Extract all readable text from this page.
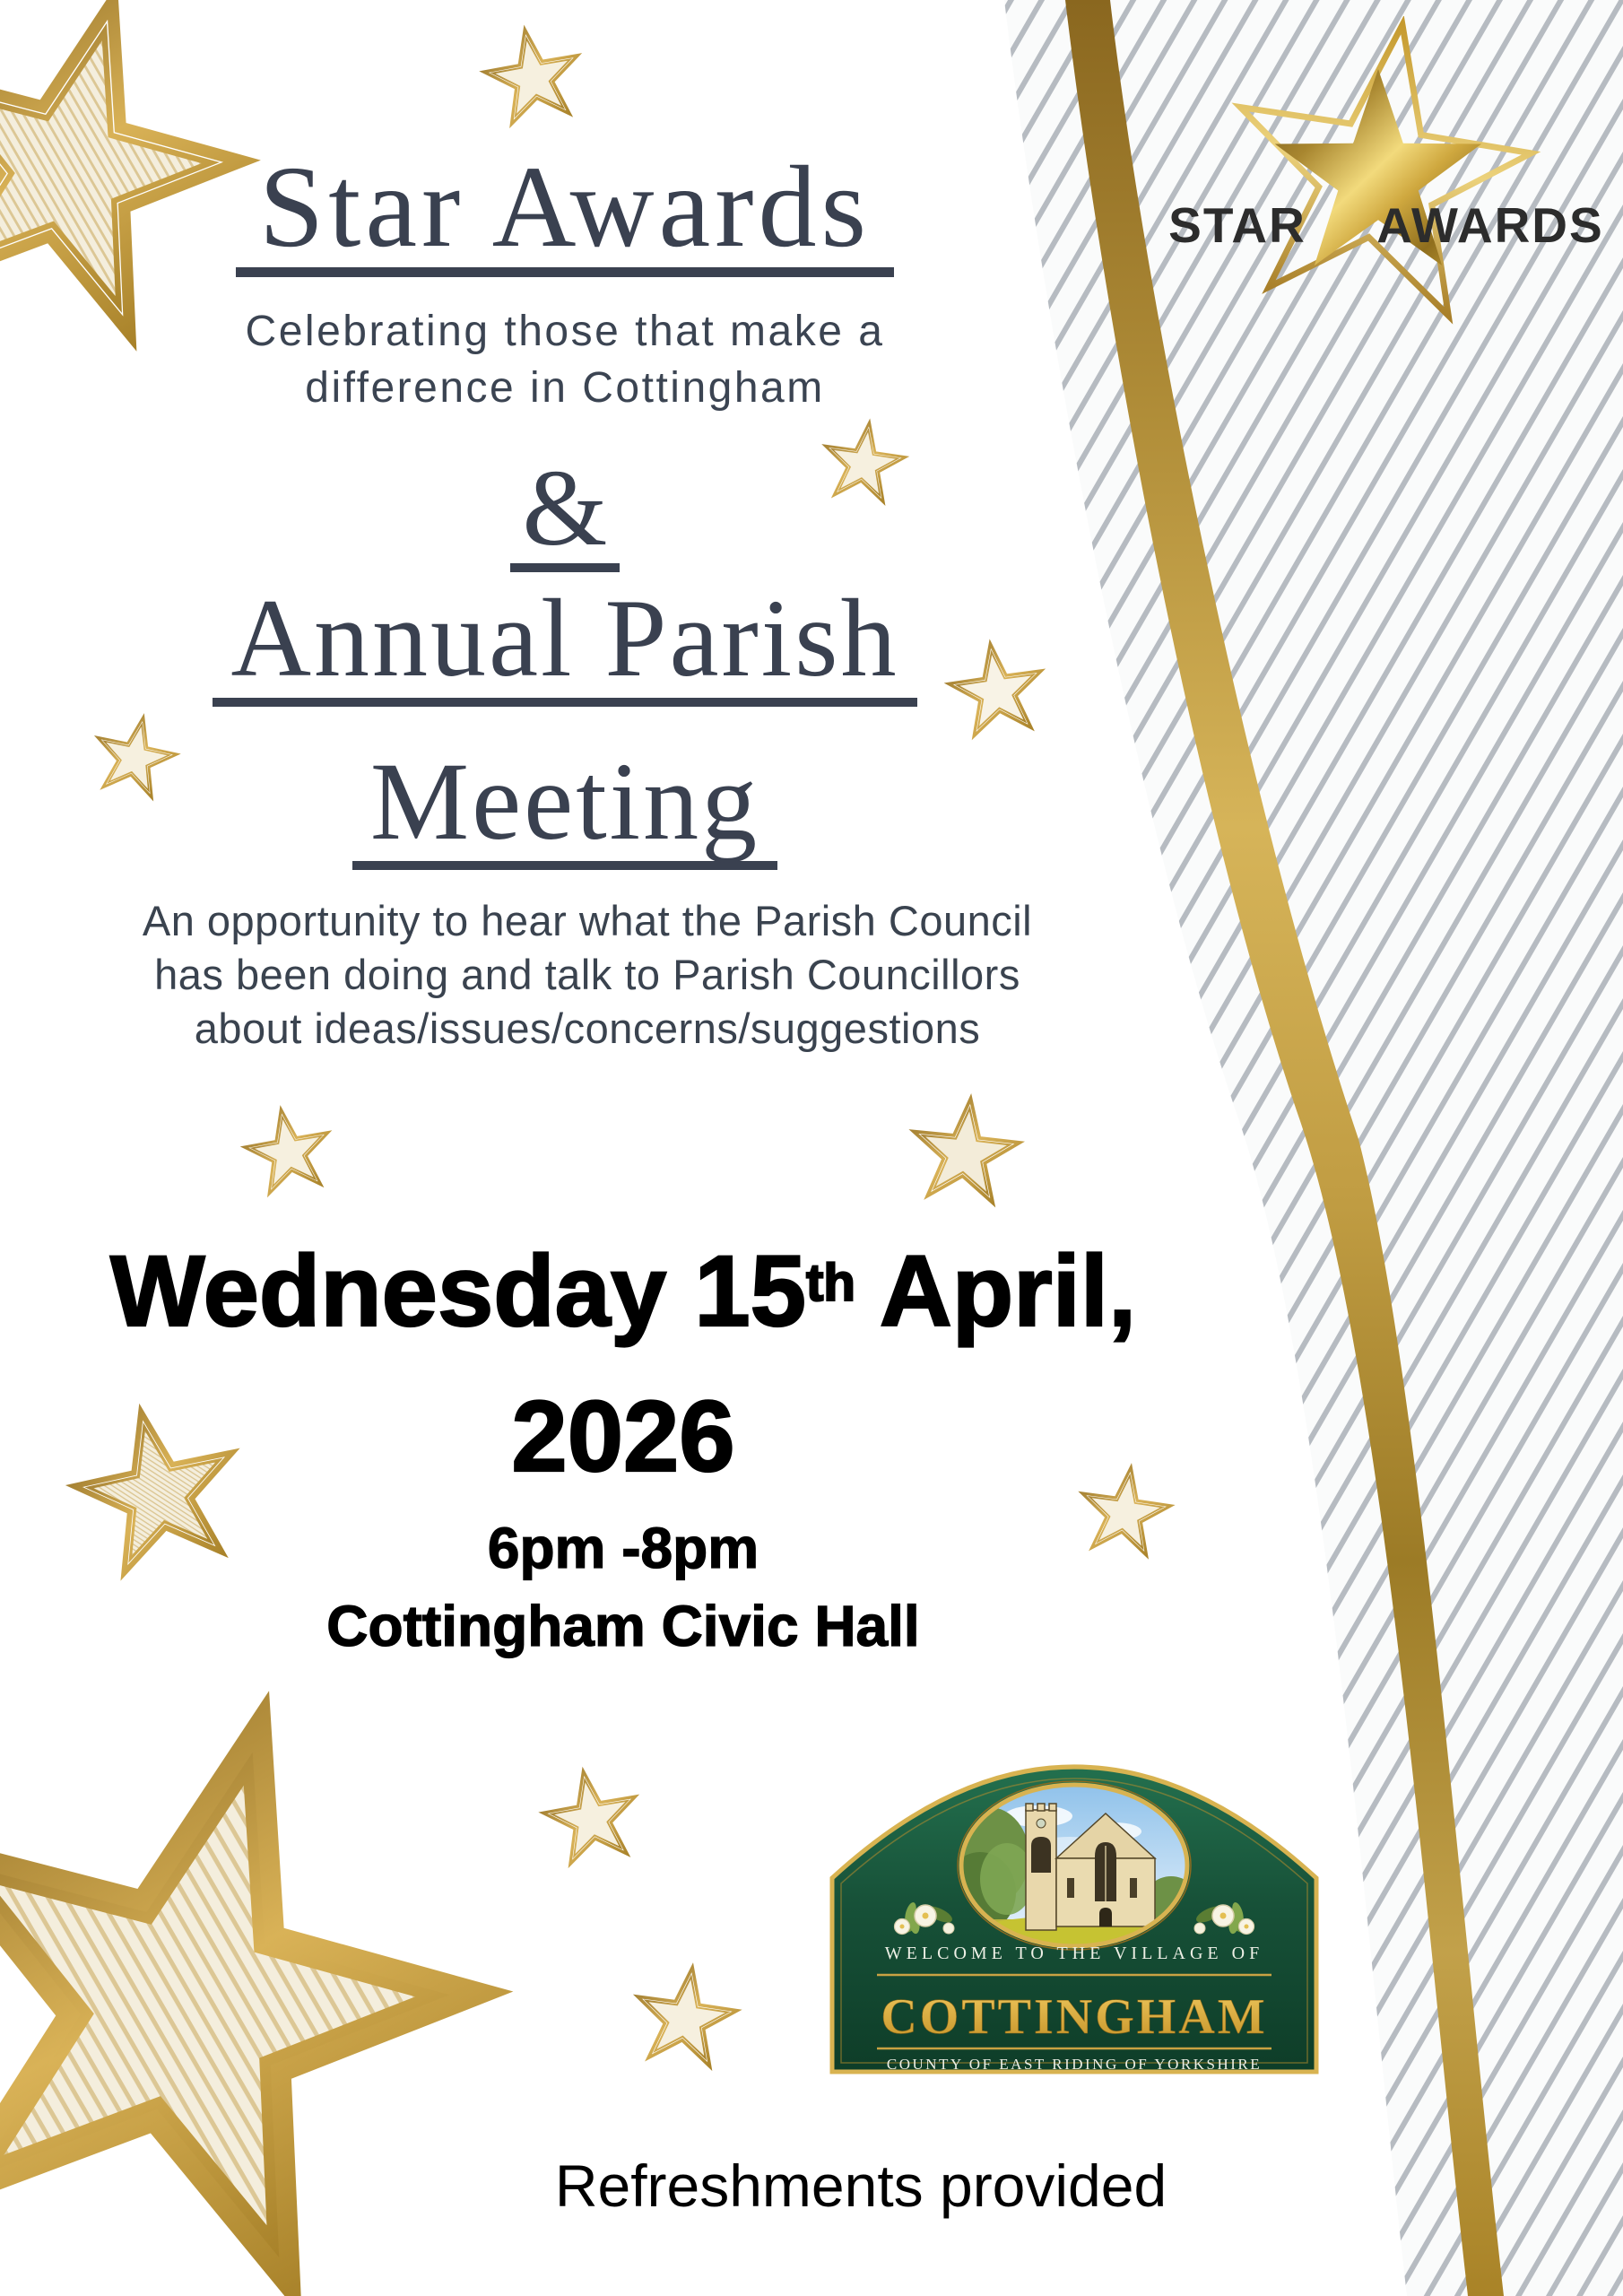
STAR AWARDS
Star Awards
Celebrating those that make a
difference in Cottingham
&
Annual Parish
Meeting
An opportunity to hear what the Parish Council
has been doing and talk to Parish Councillors
about ideas/issues/concerns/suggestions
Wednesday 15th April,
2026
6pm -8pm
Cottingham Civic Hall
Refreshments provided
WELCOME TO THE VILLAGE OF
COTTINGHAM
COUNTY OF EAST RIDING OF YORKSHIRE
